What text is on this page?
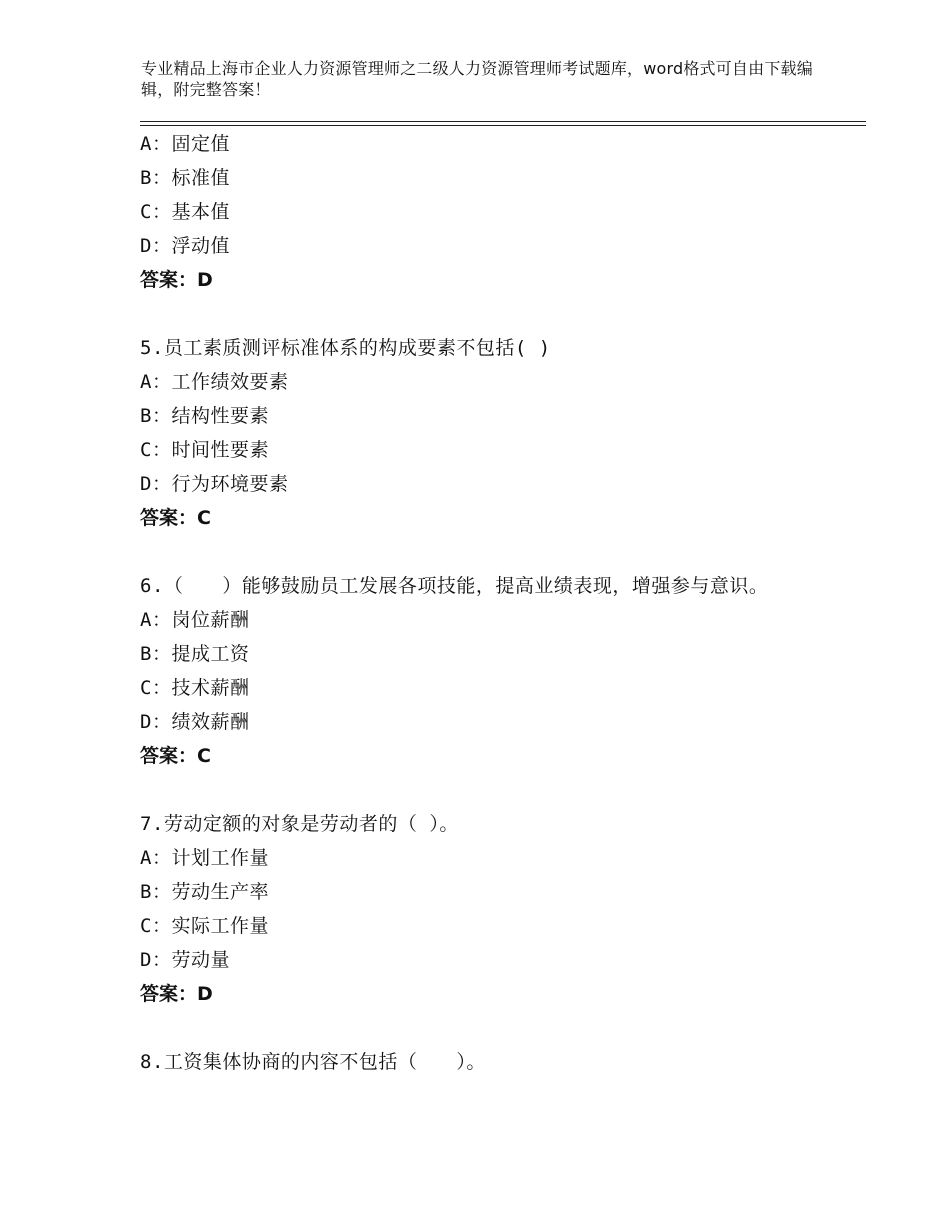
专业精品上海市企业人力资源管理师之二级人力资源管理师考试题库，word格式可自由下载编辑，附完整答案！
A：固定值
B：标准值
C：基本值
D：浮动值
答案：D
5.员工素质测评标准体系的构成要素不包括( )
A：工作绩效要素
B：结构性要素
C：时间性要素
D：行为环境要素
答案：C
6.（　　）能够鼓励员工发展各项技能，提高业绩表现，增强参与意识。
A：岗位薪酬
B：提成工资
C：技术薪酬
D：绩效薪酬
答案：C
7.劳动定额的对象是劳动者的（ ）。
A：计划工作量
B：劳动生产率
C：实际工作量
D：劳动量
答案：D
8.工资集体协商的内容不包括（　　）。
